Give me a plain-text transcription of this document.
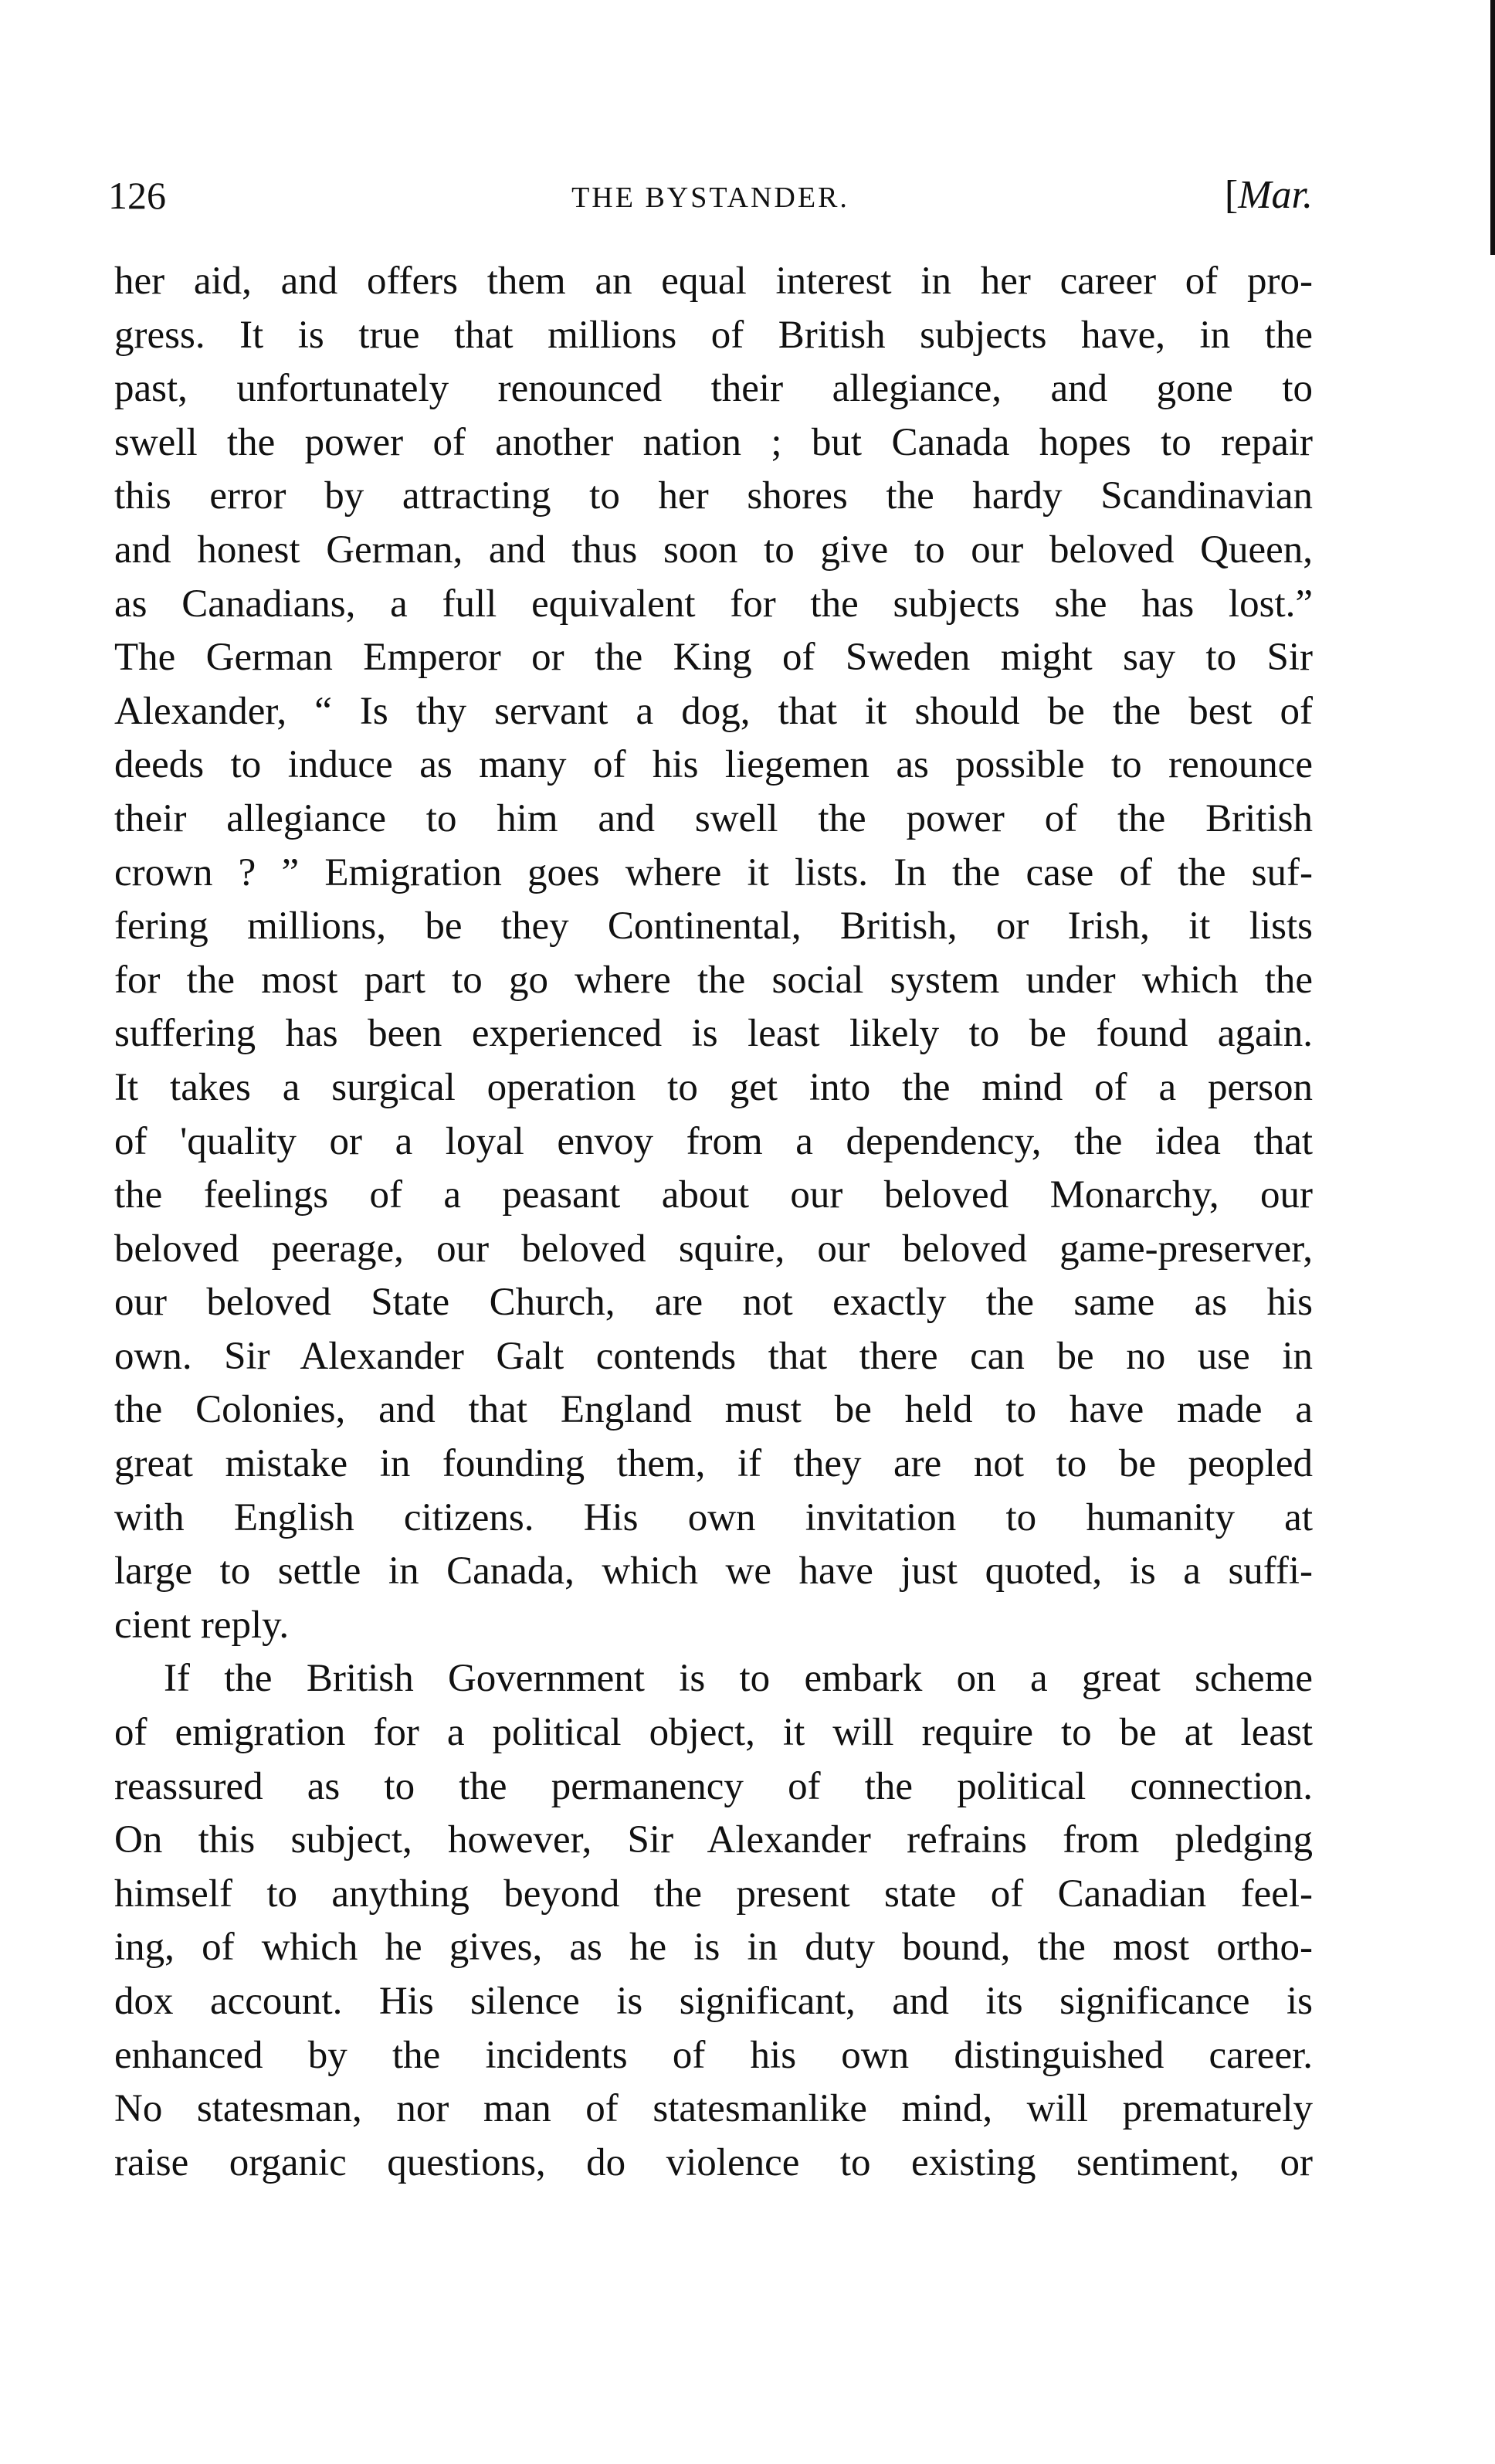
126	THE BYSTANDER.	[Mar.
her aid, and offers them an equal interest in her career of pro-
gress. It is true that millions of British subjects have, in the
past, unfortunately renounced their allegiance, and gone to
swell the power of another nation ; but Canada hopes to repair
this error by attracting to her shores the hardy Scandinavian
and honest German, and thus soon to give to our beloved Queen,
as Canadians, a full equivalent for the subjects she has lost.”
The German Emperor or the King of Sweden might say to Sir
Alexander, “ Is thy servant a dog, that it should be the best of
deeds to induce as many of his liegemen as possible to renounce
their allegiance to him and swell the power of the British
crown ? ” Emigration goes where it lists. In the case of the suf-
fering millions, be they Continental, British, or Irish, it lists
for the most part to go where the social system under which the
suffering has been experienced is least likely to be found again.
It takes a surgical operation to get into the mind of a person
of 'quality or a loyal envoy from a dependency, the idea that
the feelings of a peasant about our beloved Monarchy, our
beloved peerage, our beloved squire, our beloved game-preserver,
our beloved State Church, are not exactly the same as his
own. Sir Alexander Galt contends that there can be no use in
the Colonies, and that England must be held to have made a
great mistake in founding them, if they are not to be peopled
with English citizens. His own invitation to humanity at
large to settle in Canada, which we have just quoted, is a suffi-
cient reply.
If the British Government is to embark on a great scheme
of emigration for a political object, it will require to be at least
reassured as to the permanency of the political connection.
On this subject, however, Sir Alexander refrains from pledging
himself to anything beyond the present state of Canadian feel-
ing, of which he gives, as he is in duty bound, the most ortho-
dox account. His silence is significant, and its significance is
enhanced by the incidents of his own distinguished career.
No statesman, nor man of statesmanlike mind, will prematurely
raise organic questions, do violence to existing sentiment, or
